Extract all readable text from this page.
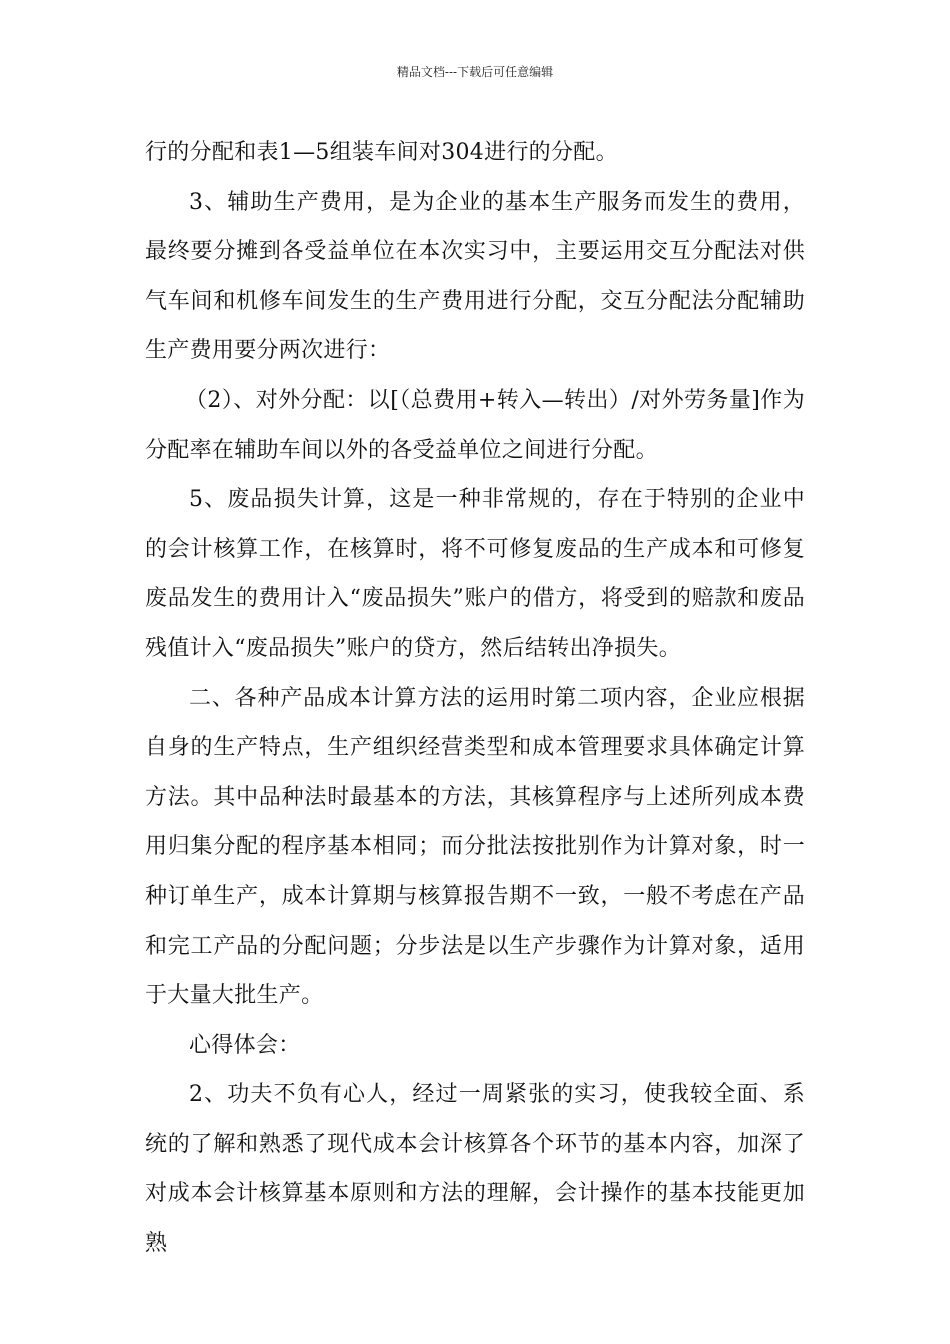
精品文档---下载后可任意编辑

行的分配和表1—5组装车间对304进行的分配。

3、辅助生产费用，是为企业的基本生产服务而发生的费用，最终要分摊到各受益单位在本次实习中，主要运用交互分配法对供气车间和机修车间发生的生产费用进行分配，交互分配法分配辅助生产费用要分两次进行：

（2）、对外分配：以[（总费用+转入—转出）/对外劳务量]作为分配率在辅助车间以外的各受益单位之间进行分配。

5、废品损失计算，这是一种非常规的，存在于特别的企业中的会计核算工作，在核算时，将不可修复废品的生产成本和可修复废品发生的费用计入“废品损失”账户的借方，将受到的赔款和废品残值计入“废品损失”账户的贷方，然后结转出净损失。

二、各种产品成本计算方法的运用时第二项内容，企业应根据自身的生产特点，生产组织经营类型和成本管理要求具体确定计算方法。其中品种法时最基本的方法，其核算程序与上述所列成本费用归集分配的程序基本相同；而分批法按批别作为计算对象，时一种订单生产，成本计算期与核算报告期不一致，一般不考虑在产品和完工产品的分配问题；分步法是以生产步骤作为计算对象，适用于大量大批生产。

心得体会：

2、功夫不负有心人，经过一周紧张的实习，使我较全面、系统的了解和熟悉了现代成本会计核算各个环节的基本内容，加深了对成本会计核算基本原则和方法的理解，会计操作的基本技能更加熟
